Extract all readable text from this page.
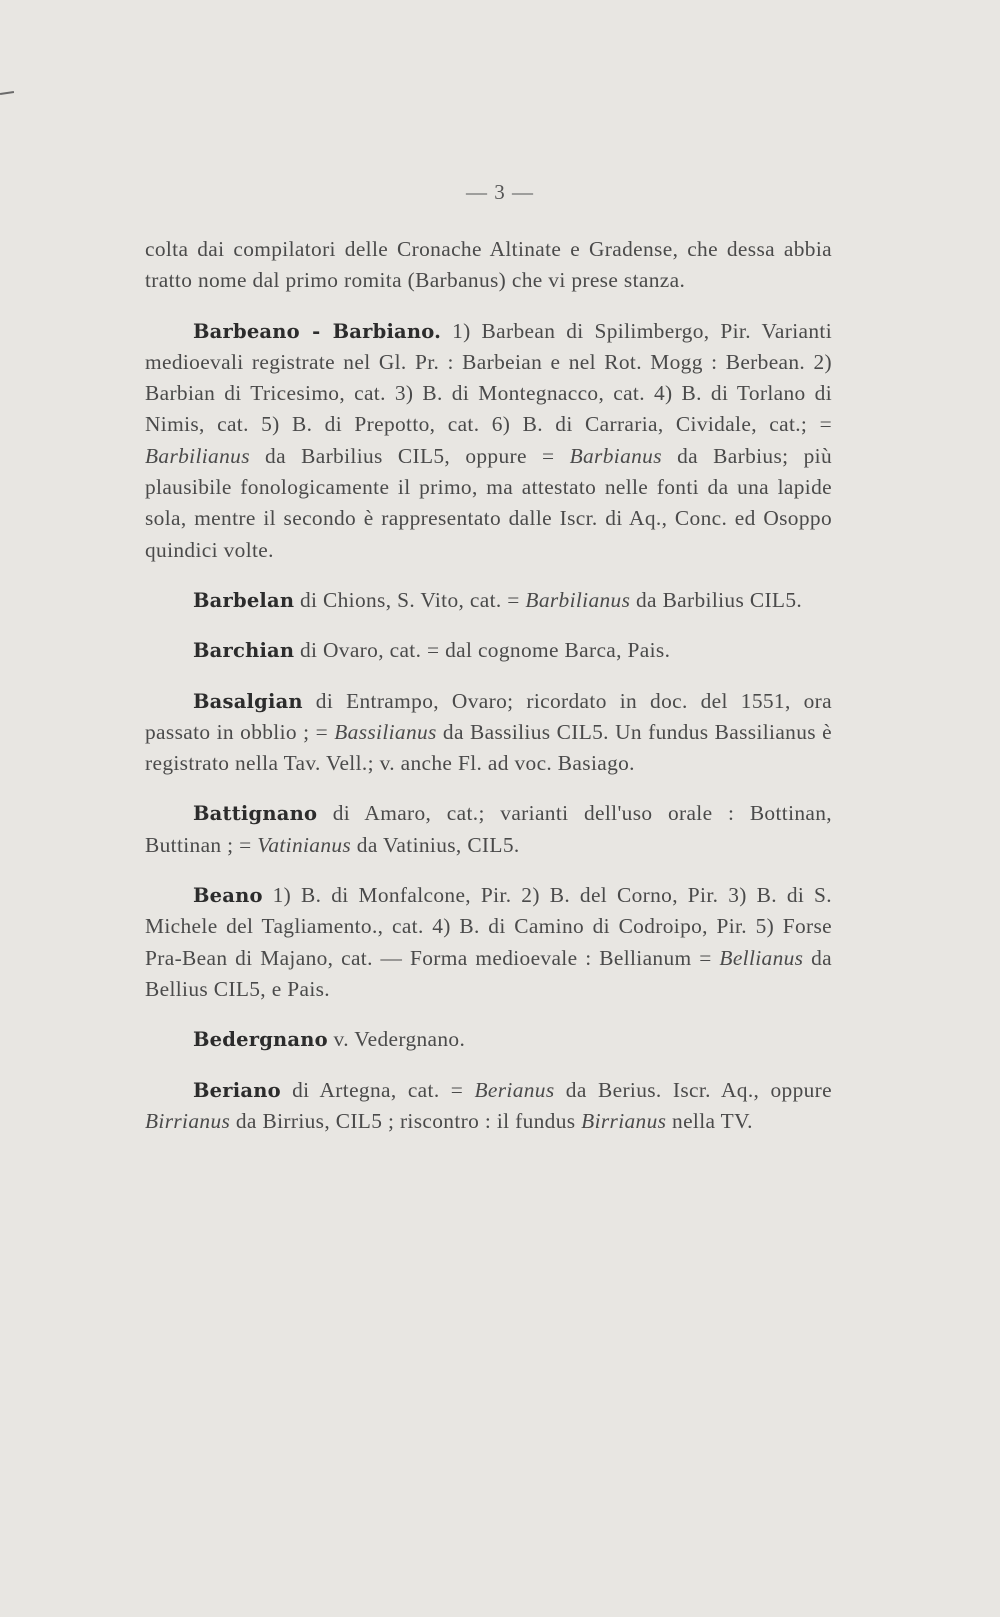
— 3 —

colta dai compilatori delle Cronache Altinate e Gradense, che dessa abbia tratto nome dal primo romita (Barbanus) che vi prese stanza.

Barbeano - Barbiano. 1) Barbean di Spilimbergo, Pir. Varianti medioevali registrate nel Gl. Pr. : Barbeian e nel Rot. Mogg : Berbean. 2) Barbian di Tricesimo, cat. 3) B. di Montegnacco, cat. 4) B. di Torlano di Nimis, cat. 5) B. di Prepotto, cat. 6) B. di Carraria, Cividale, cat.; = Barbilianus da Barbilius CIL5, oppure = Barbianus da Barbius; più plausibile fonologicamente il primo, ma attestato nelle fonti da una lapide sola, mentre il secondo è rappresentato dalle Iscr. di Aq., Conc. ed Osoppo quindici volte.

Barbelan di Chions, S. Vito, cat. = Barbilianus da Barbilius CIL5.

Barchian di Ovaro, cat. = dal cognome Barca, Pais.

Basalgian di Entrampo, Ovaro; ricordato in doc. del 1551, ora passato in obblio ; = Bassilianus da Bassilius CIL5. Un fundus Bassilianus è registrato nella Tav. Vell.; v. anche Fl. ad voc. Basiago.

Battignano di Amaro, cat.; varianti dell'uso orale : Bottinan, Buttinan ; = Vatinianus da Vatinius, CIL5.

Beano 1) B. di Monfalcone, Pir. 2) B. del Corno, Pir. 3) B. di S. Michele del Tagliamento., cat. 4) B. di Camino di Codroipo, Pir. 5) Forse Pra-Bean di Majano, cat. — Forma medioevale : Bellianum = Bellianus da Bellius CIL5, e Pais.

Bedergnano v. Vedergnano.

Beriano di Artegna, cat. = Berianus da Berius. Iscr. Aq., oppure Birrianus da Birrius, CIL5 ; riscontro : il fundus Birrianus nella TV.
